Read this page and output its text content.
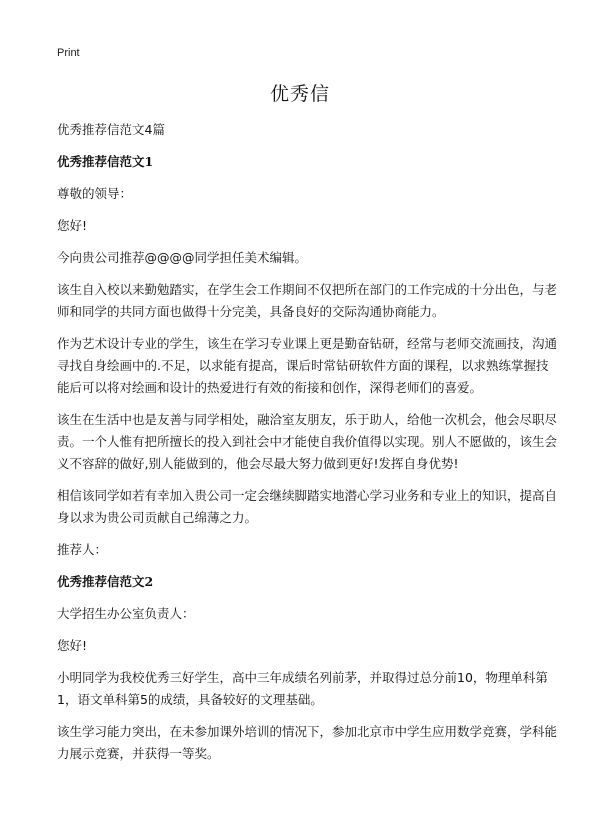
Print
优秀信

优秀推荐信范文4篇

优秀推荐信范文1

尊敬的领导：

您好!

今向贵公司推荐@@@@同学担任美术编辑。

该生自入校以来勤勉踏实，在学生会工作期间不仅把所在部门的工作完成的十分出色，与老师和同学的共同方面也做得十分完美，具备良好的交际沟通协商能力。

作为艺术设计专业的学生，该生在学习专业课上更是勤奋钻研，经常与老师交流画技，沟通寻找自身绘画中的.不足，以求能有提高，课后时常钻研软件方面的课程，以求熟练掌握技能后可以将对绘画和设计的热爱进行有效的衔接和创作，深得老师们的喜爱。

该生在生活中也是友善与同学相处，融洽室友朋友，乐于助人，给他一次机会，他会尽职尽责。一个人惟有把所擅长的投入到社会中才能使自我价值得以实现。别人不愿做的，该生会义不容辞的做好,别人能做到的，他会尽最大努力做到更好!发挥自身优势!

相信该同学如若有幸加入贵公司一定会继续脚踏实地潜心学习业务和专业上的知识，提高自身以求为贵公司贡献自己绵薄之力。

推荐人：

优秀推荐信范文2

大学招生办公室负责人：

您好!

小明同学为我校优秀三好学生，高中三年成绩名列前茅，并取得过总分前10，物理单科第1，语文单科第5的成绩，具备较好的文理基础。

该生学习能力突出，在未参加课外培训的情况下，参加北京市中学生应用数学竞赛，学科能力展示竞赛，并获得一等奖。
